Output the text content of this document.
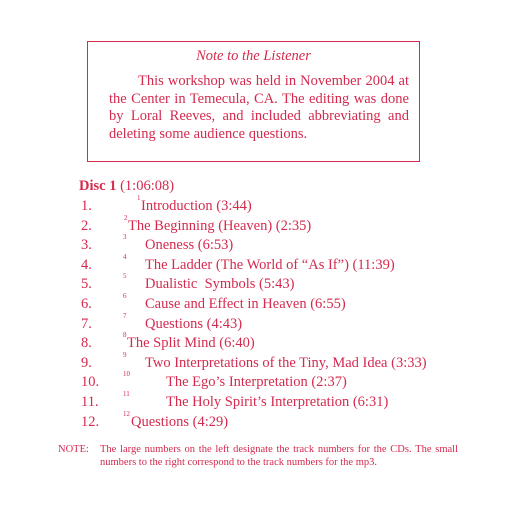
Note to the Listener

This workshop was held in November 2004 at the Center in Temecula, CA. The editing was done by Loral Reeves, and included abbreviating and deleting some audience questions.

Disc 1 (1:06:08)
1.	1 Introduction (3:44)
2.	2 The Beginning (Heaven) (2:35)
3.	3 Oneness (6:53)
4.	4 The Ladder (The World of “As If”) (11:39)
5.	5 Dualistic  Symbols (5:43)
6.	6 Cause and Effect in Heaven (6:55)
7.	7 Questions (4:43)
8.	8 The Split Mind (6:40)
9.	9 Two Interpretations of the Tiny, Mad Idea (3:33)
10.	10 The Ego’s Interpretation (2:37)
11.	11	The Holy Spirit’s Interpretation (6:31)
12.	12 Questions (4:29)
NOTE: The large numbers on the left designate the track numbers for the CDs. The small numbers to the right correspond to the track numbers for the mp3.
